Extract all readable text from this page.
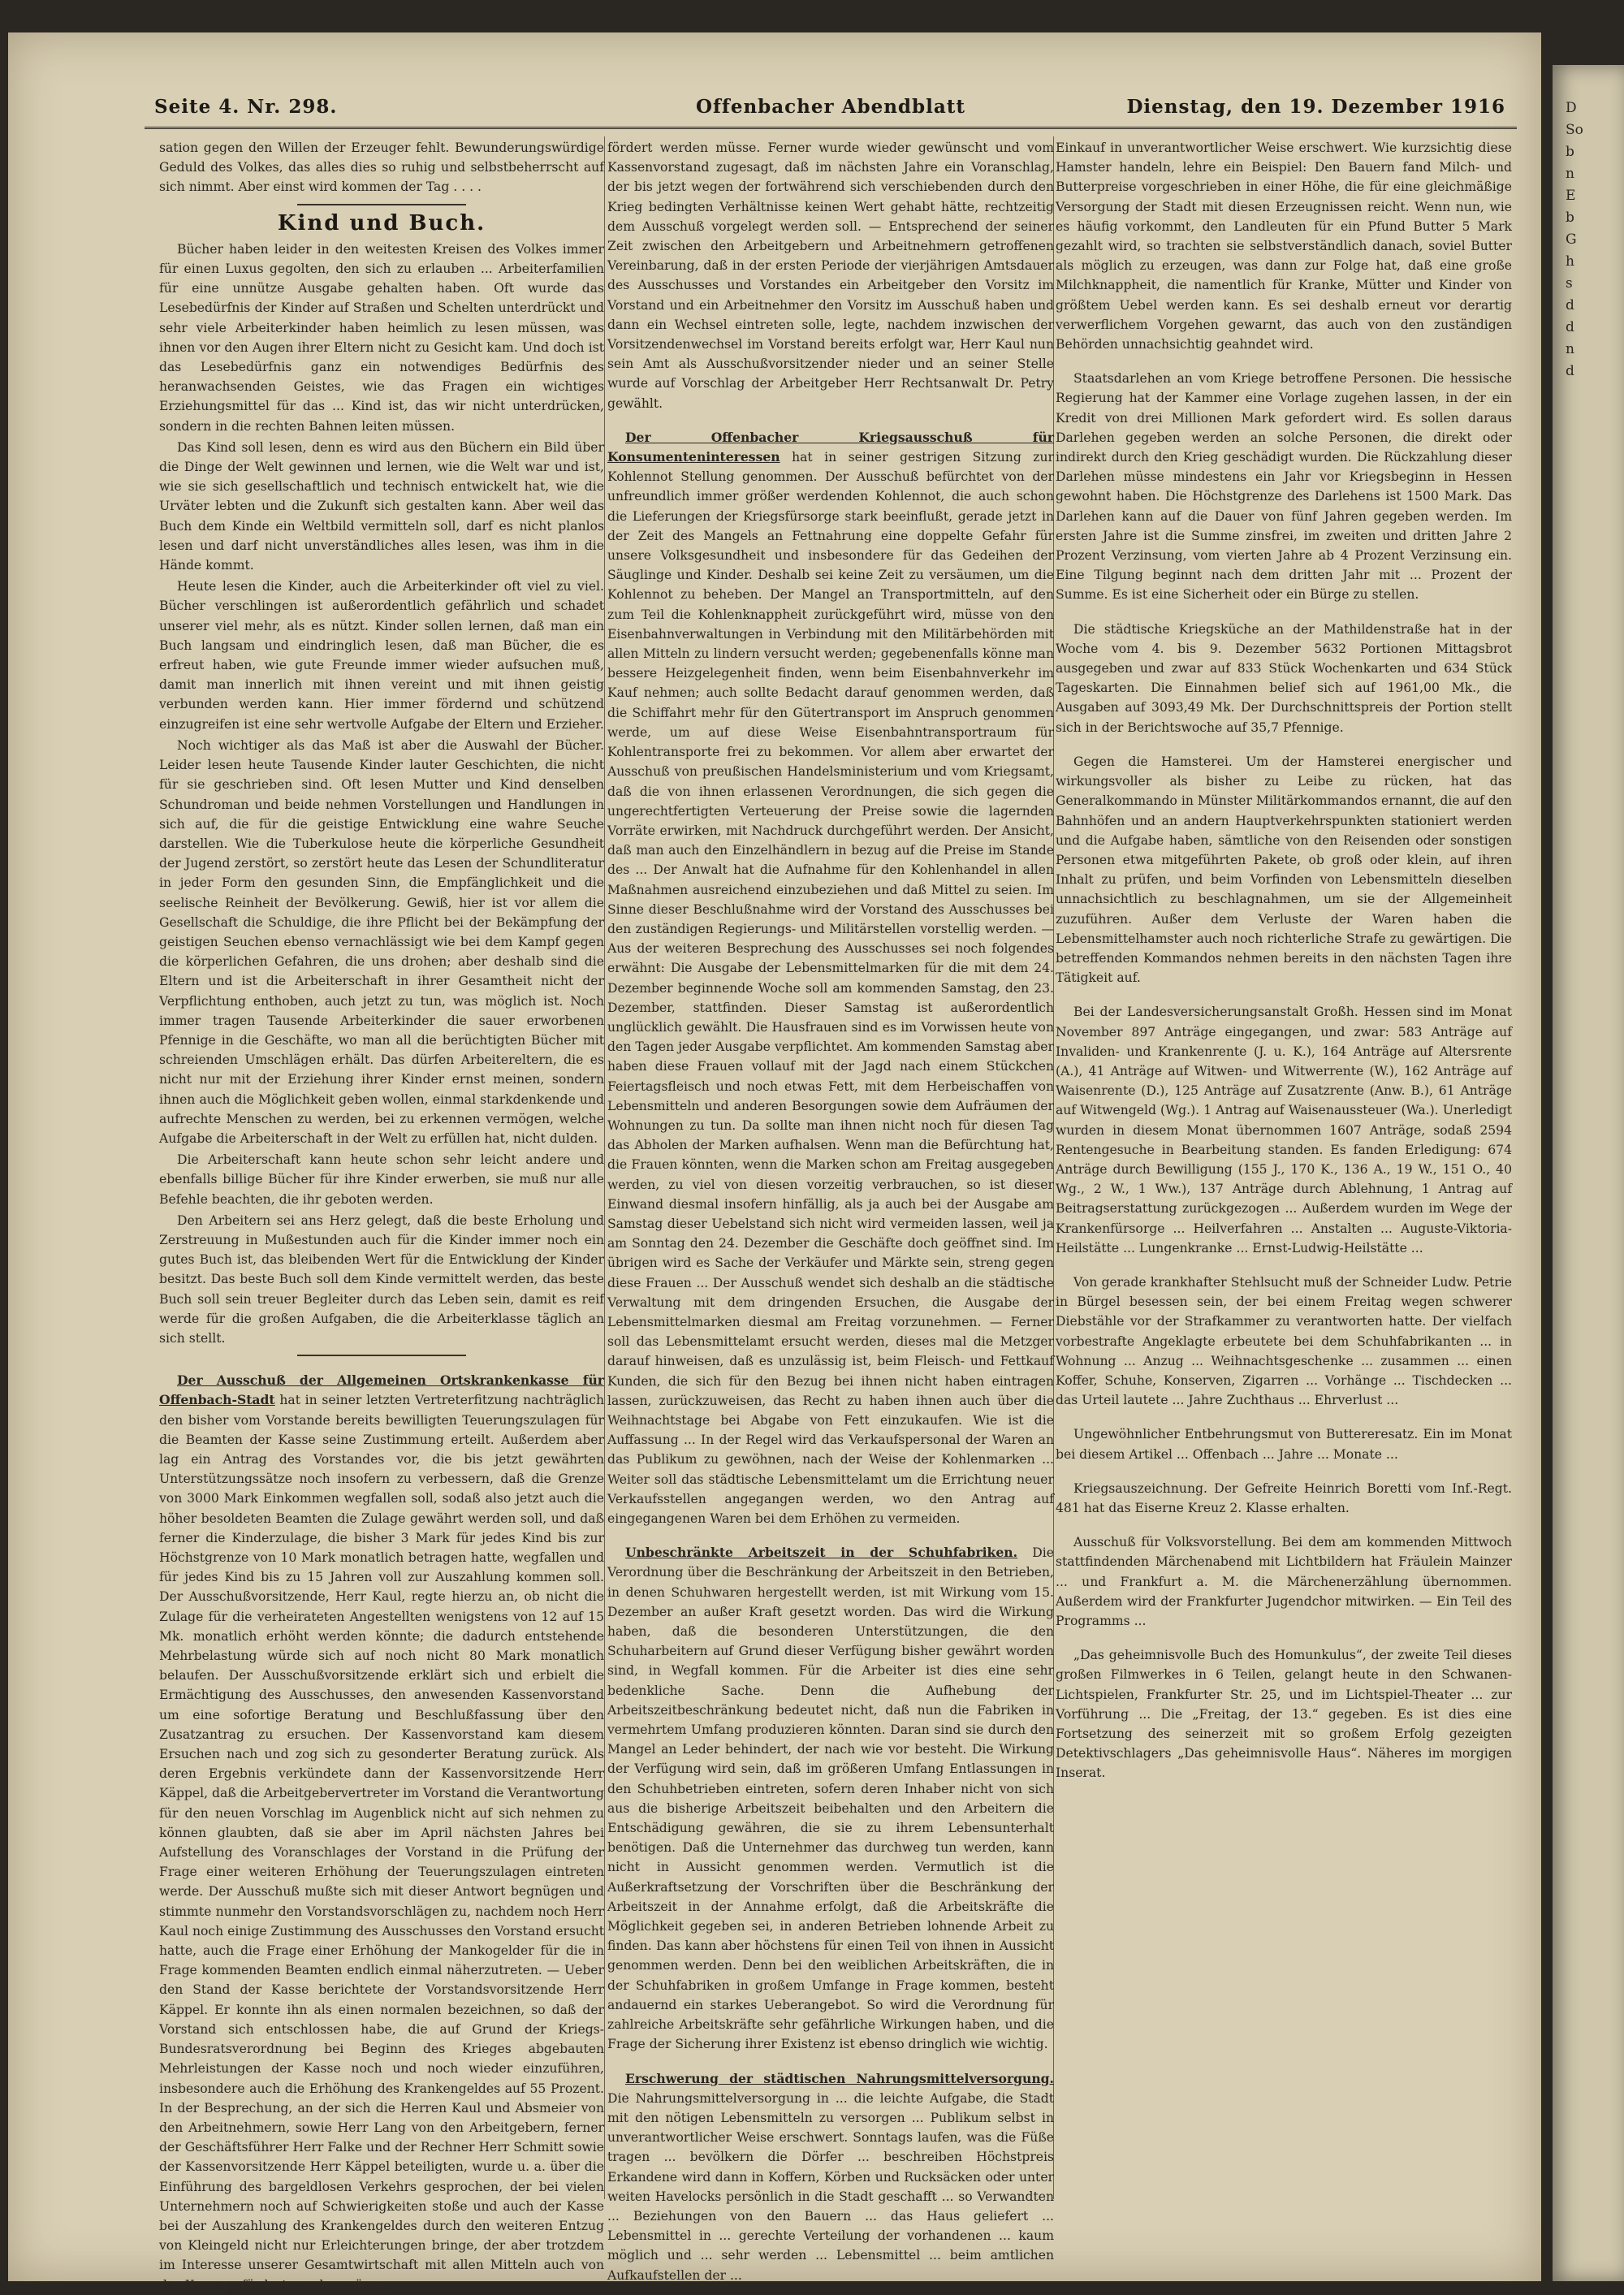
D
So
b
n
E
b
G
h
s
d
d
n
d
Seite 4. Nr. 298.	Offenbacher Abendblatt	Dienstag, den 19. Dezember 1916

sation gegen den Willen der Erzeuger fehlt. Bewunderungswürdige Geduld des Volkes, das alles dies so ruhig und selbstbeherrscht auf sich nimmt. Aber einst wird kommen der Tag . . . .

Kind und Buch.

Bücher haben leider in den weitesten Kreisen des Volkes immer für einen Luxus gegolten, den sich zu erlauben ... Arbeiterfamilien für eine unnütze Ausgabe gehalten haben. Oft wurde das Lesebedürfnis der Kinder auf Straßen und Schelten unterdrückt und sehr viele Arbeiterkinder haben heimlich zu lesen müssen, was ihnen vor den Augen ihrer Eltern nicht zu Gesicht kam. Und doch ist das Lesebedürfnis ganz ein notwendiges Bedürfnis des heranwachsenden Geistes, wie das Fragen ein wichtiges Erziehungsmittel für das ... Kind ist, das wir nicht unterdrücken, sondern in die rechten Bahnen leiten müssen.

Das Kind soll lesen, denn es wird aus den Büchern ein Bild über die Dinge der Welt gewinnen und lernen, wie die Welt war und ist, wie sie sich gesellschaftlich und technisch entwickelt hat, wie die Urväter lebten und die Zukunft sich gestalten kann. Aber weil das Buch dem Kinde ein Weltbild vermitteln soll, darf es nicht planlos lesen und darf nicht unverständliches alles lesen, was ihm in die Hände kommt.

Heute lesen die Kinder, auch die Arbeiterkinder oft viel zu viel. Bücher verschlingen ist außerordentlich gefährlich und schadet unserer viel mehr, als es nützt. Kinder sollen lernen, daß man ein Buch langsam und eindringlich lesen, daß man Bücher, die es erfreut haben, wie gute Freunde immer wieder aufsuchen muß, damit man innerlich mit ihnen vereint und mit ihnen geistig verbunden werden kann. Hier immer fördernd und schützend einzugreifen ist eine sehr wertvolle Aufgabe der Eltern und Erzieher.

Noch wichtiger als das Maß ist aber die Auswahl der Bücher. Leider lesen heute Tausende Kinder lauter Geschichten, die nicht für sie geschrieben sind. Oft lesen Mutter und Kind denselben Schundroman und beide nehmen Vorstellungen und Handlungen in sich auf, die für die geistige Entwicklung eine wahre Seuche darstellen. Wie die Tuberkulose heute die körperliche Gesundheit der Jugend zerstört, so zerstört heute das Lesen der Schundliteratur in jeder Form den gesunden Sinn, die Empfänglichkeit und die seelische Reinheit der Bevölkerung. Gewiß, hier ist vor allem die Gesellschaft die Schuldige, die ihre Pflicht bei der Bekämpfung der geistigen Seuchen ebenso vernachlässigt wie bei dem Kampf gegen die körperlichen Gefahren, die uns drohen; aber deshalb sind die Eltern und ist die Arbeiterschaft in ihrer Gesamtheit nicht der Verpflichtung enthoben, auch jetzt zu tun, was möglich ist. Noch immer tragen Tausende Arbeiterkinder die sauer erworbenen Pfennige in die Geschäfte, wo man all die berüchtigten Bücher mit schreienden Umschlägen erhält. Das dürfen Arbeitereltern, die es nicht nur mit der Erziehung ihrer Kinder ernst meinen, sondern ihnen auch die Möglichkeit geben wollen, einmal starkdenkende und aufrechte Menschen zu werden, bei zu erkennen vermögen, welche Aufgabe die Arbeiterschaft in der Welt zu erfüllen hat, nicht dulden.

Die Arbeiterschaft kann heute schon sehr leicht andere und ebenfalls billige Bücher für ihre Kinder erwerben, sie muß nur alle Befehle beachten, die ihr geboten werden.

Den Arbeitern sei ans Herz gelegt, daß die beste Erholung und Zerstreuung in Mußestunden auch für die Kinder immer noch ein gutes Buch ist, das bleibenden Wert für die Entwicklung der Kinder besitzt. Das beste Buch soll dem Kinde vermittelt werden, das beste Buch soll sein treuer Begleiter durch das Leben sein, damit es reif werde für die großen Aufgaben, die die Arbeiterklasse täglich an sich stellt.

Der Ausschuß der Allgemeinen Ortskrankenkasse für Offenbach-Stadt hat in seiner letzten Vertreterfitzung nachträglich den bisher vom Vorstande bereits bewilligten Teuerungszulagen für die Beamten der Kasse seine Zustimmung erteilt. Außerdem aber lag ein Antrag des Vorstandes vor, die bis jetzt gewährten Unterstützungssätze noch insofern zu verbessern, daß die Grenze von 3000 Mark Einkommen wegfallen soll, sodaß also jetzt auch die höher besoldeten Beamten die Zulage gewährt werden soll, und daß ferner die Kinderzulage, die bisher 3 Mark für jedes Kind bis zur Höchstgrenze von 10 Mark monatlich betragen hatte, wegfallen und für jedes Kind bis zu 15 Jahren voll zur Auszahlung kommen soll. Der Ausschußvorsitzende, Herr Kaul, regte hierzu an, ob nicht die Zulage für die verheirateten Angestellten wenigstens von 12 auf 15 Mk. monatlich erhöht werden könnte; die dadurch entstehende Mehrbelastung würde sich auf noch nicht 80 Mark monatlich belaufen. Der Ausschußvorsitzende erklärt sich und erbielt die Ermächtigung des Ausschusses, den anwesenden Kassenvorstand um eine sofortige Beratung und Beschlußfassung über den Zusatzantrag zu ersuchen. Der Kassenvorstand kam diesem Ersuchen nach und zog sich zu gesonderter Beratung zurück. Als deren Ergebnis verkündete dann der Kassenvorsitzende Herr Käppel, daß die Arbeitgebervertreter im Vorstand die Verantwortung für den neuen Vorschlag im Augenblick nicht auf sich nehmen zu können glaubten, daß sie aber im April nächsten Jahres bei Aufstellung des Voranschlages der Vorstand in die Prüfung der Frage einer weiteren Erhöhung der Teuerungszulagen eintreten werde. Der Ausschuß mußte sich mit dieser Antwort begnügen und stimmte nunmehr den Vorstandsvorschlägen zu, nachdem noch Herr Kaul noch einige Zustimmung des Ausschusses den Vorstand ersucht hatte, auch die Frage einer Erhöhung der Mankogelder für die in Frage kommenden Beamten endlich einmal näherzutreten. — Ueber den Stand der Kasse berichtete der Vorstandsvorsitzende Herr Käppel. Er konnte ihn als einen normalen bezeichnen, so daß der Vorstand sich entschlossen habe, die auf Grund der Kriegs-Bundesratsverordnung bei Beginn des Krieges abgebauten Mehrleistungen der Kasse noch und noch wieder einzuführen, insbesondere auch die Erhöhung des Krankengeldes auf 55 Prozent. In der Besprechung, an der sich die Herren Kaul und Absmeier von den Arbeitnehmern, sowie Herr Lang von den Arbeitgebern, ferner der Geschäftsführer Herr Falke und der Rechner Herr Schmitt sowie der Kassenvorsitzende Herr Käppel beteiligten, wurde u. a. über die Einführung des bargeldlosen Verkehrs gesprochen, der bei vielen Unternehmern noch auf Schwierigkeiten stoße und auch der Kasse bei der Auszahlung des Krankengeldes durch den weiteren Entzug von Kleingeld nicht nur Erleichterungen bringe, der aber trotzdem im Interesse unserer Gesamtwirtschaft mit allen Mitteln auch von der Kasse gefördert werden müsse.

fördert werden müsse. Ferner wurde wieder gewünscht und vom Kassenvorstand zugesagt, daß im nächsten Jahre ein Voranschlag, der bis jetzt wegen der fortwährend sich verschiebenden durch den Krieg bedingten Verhältnisse keinen Wert gehabt hätte, rechtzeitig dem Ausschuß vorgelegt werden soll. — Entsprechend der seiner Zeit zwischen den Arbeitgebern und Arbeitnehmern getroffenen Vereinbarung, daß in der ersten Periode der vierjährigen Amtsdauer des Ausschusses und Vorstandes ein Arbeitgeber den Vorsitz im Vorstand und ein Arbeitnehmer den Vorsitz im Ausschuß haben und dann ein Wechsel eintreten solle, legte, nachdem inzwischen der Vorsitzendenwechsel im Vorstand bereits erfolgt war, Herr Kaul nun sein Amt als Ausschußvorsitzender nieder und an seiner Stelle wurde auf Vorschlag der Arbeitgeber Herr Rechtsanwalt Dr. Petry gewählt.

Der Offenbacher Kriegsausschuß für Konsumenteninteressen hat in seiner gestrigen Sitzung zur Kohlennot Stellung genommen. Der Ausschuß befürchtet von der unfreundlich immer größer werdenden Kohlennot, die auch schon die Lieferungen der Kriegsfürsorge stark beeinflußt, gerade jetzt in der Zeit des Mangels an Fettnahrung eine doppelte Gefahr für unsere Volksgesundheit und insbesondere für das Gedeihen der Säuglinge und Kinder. Deshalb sei keine Zeit zu versäumen, um die Kohlennot zu beheben. Der Mangel an Transportmitteln, auf den zum Teil die Kohlenknappheit zurückgeführt wird, müsse von den Eisenbahnverwaltungen in Verbindung mit den Militärbehörden mit allen Mitteln zu lindern versucht werden; gegebenenfalls könne man bessere Heizgelegenheit finden, wenn beim Eisenbahnverkehr im Kauf nehmen; auch sollte Bedacht darauf genommen werden, daß die Schiffahrt mehr für den Gütertransport im Anspruch genommen werde, um auf diese Weise Eisenbahntransportraum für Kohlentransporte frei zu bekommen. Vor allem aber erwartet der Ausschuß von preußischen Handelsministerium und vom Kriegsamt, daß die von ihnen erlassenen Verordnungen, die sich gegen die ungerechtfertigten Verteuerung der Preise sowie die lagernden Vorräte erwirken, mit Nachdruck durchgeführt werden. Der Ansicht, daß man auch den Einzelhändlern in bezug auf die Preise im Stande des ... Der Anwalt hat die Aufnahme für den Kohlenhandel in allen Maßnahmen ausreichend einzubeziehen und daß Mittel zu seien. Im Sinne dieser Beschlußnahme wird der Vorstand des Ausschusses bei den zuständigen Regierungs- und Militärstellen vorstellig werden. — Aus der weiteren Besprechung des Ausschusses sei noch folgendes erwähnt: Die Ausgabe der Lebensmittelmarken für die mit dem 24. Dezember beginnende Woche soll am kommenden Samstag, den 23. Dezember, stattfinden. Dieser Samstag ist außerordentlich unglücklich gewählt. Die Hausfrauen sind es im Vorwissen heute von den Tagen jeder Ausgabe verpflichtet. Am kommenden Samstag aber haben diese Frauen vollauf mit der Jagd nach einem Stückchen Feiertagsfleisch und noch etwas Fett, mit dem Herbeischaffen von Lebensmitteln und anderen Besorgungen sowie dem Aufräumen der Wohnungen zu tun. Da sollte man ihnen nicht noch für diesen Tag das Abholen der Marken aufhalsen. Wenn man die Befürchtung hat, die Frauen könnten, wenn die Marken schon am Freitag ausgegeben werden, zu viel von diesen vorzeitig verbrauchen, so ist dieser Einwand diesmal insofern hinfällig, als ja auch bei der Ausgabe am Samstag dieser Uebelstand sich nicht wird vermeiden lassen, weil ja am Sonntag den 24. Dezember die Geschäfte doch geöffnet sind. Im übrigen wird es Sache der Verkäufer und Märkte sein, streng gegen diese Frauen ... Der Ausschuß wendet sich deshalb an die städtische Verwaltung mit dem dringenden Ersuchen, die Ausgabe der Lebensmittelmarken diesmal am Freitag vorzunehmen. — Ferner soll das Lebensmittelamt ersucht werden, dieses mal die Metzger darauf hinweisen, daß es unzulässig ist, beim Fleisch- und Fettkauf Kunden, die sich für den Bezug bei ihnen nicht haben eintragen lassen, zurückzuweisen, das Recht zu haben ihnen auch über die Weihnachtstage bei Abgabe von Fett einzukaufen. Wie ist die Auffassung ... In der Regel wird das Verkaufspersonal der Waren an das Publikum zu gewöhnen, nach der Weise der Kohlenmarken ... Weiter soll das städtische Lebensmittelamt um die Errichtung neuer Verkaufsstellen angegangen werden, wo den Antrag auf eingegangenen Waren bei dem Erhöhen zu vermeiden.

Unbeschränkte Arbeitszeit in der Schuhfabriken. Die Verordnung über die Beschränkung der Arbeitszeit in den Betrieben, in denen Schuhwaren hergestellt werden, ist mit Wirkung vom 15. Dezember an außer Kraft gesetzt worden. Das wird die Wirkung haben, daß die besonderen Unterstützungen, die den Schuharbeitern auf Grund dieser Verfügung bisher gewährt worden sind, in Wegfall kommen. Für die Arbeiter ist dies eine sehr bedenkliche Sache. Denn die Aufhebung der Arbeitszeitbeschränkung bedeutet nicht, daß nun die Fabriken in vermehrtem Umfang produzieren könnten. Daran sind sie durch den Mangel an Leder behindert, der nach wie vor besteht. Die Wirkung der Verfügung wird sein, daß im größeren Umfang Entlassungen in den Schuhbetrieben eintreten, sofern deren Inhaber nicht von sich aus die bisherige Arbeitszeit beibehalten und den Arbeitern die Entschädigung gewähren, die sie zu ihrem Lebensunterhalt benötigen. Daß die Unternehmer das durchweg tun werden, kann nicht in Aussicht genommen werden. Vermutlich ist die Außerkraftsetzung der Vorschriften über die Beschränkung der Arbeitszeit in der Annahme erfolgt, daß die Arbeitskräfte die Möglichkeit gegeben sei, in anderen Betrieben lohnende Arbeit zu finden. Das kann aber höchstens für einen Teil von ihnen in Aussicht genommen werden. Denn bei den weiblichen Arbeitskräften, die in der Schuhfabriken in großem Umfange in Frage kommen, besteht andauernd ein starkes Ueberangebot. So wird die Verordnung für zahlreiche Arbeitskräfte sehr gefährliche Wirkungen haben, und die Frage der Sicherung ihrer Existenz ist ebenso dringlich wie wichtig.

Erschwerung der städtischen Nahrungsmittelversorgung. Die Nahrungsmittelversorgung in ... die leichte Aufgabe, die Stadt mit den nötigen Lebensmitteln zu versorgen ... Publikum selbst in unverantwortlicher Weise erschwert. Sonntags laufen, was die Füße tragen ... bevölkern die Dörfer ... beschreiben Höchstpreis Erkandene wird dann in Koffern, Körben und Rucksäcken oder unter weiten Havelocks persönlich in die Stadt geschafft ... so Verwandten ... Beziehungen von den Bauern ... das Haus geliefert ... Lebensmittel in ... gerechte Verteilung der vorhandenen ... kaum möglich und ... sehr werden ... Lebensmittel ... beim amtlichen Aufkaufstellen der ...

Einkauf in unverantwortlicher Weise erschwert. Wie kurzsichtig diese Hamster handeln, lehre ein Beispiel: Den Bauern fand Milch- und Butterpreise vorgeschrieben in einer Höhe, die für eine gleichmäßige Versorgung der Stadt mit diesen Erzeugnissen reicht. Wenn nun, wie es häufig vorkommt, den Landleuten für ein Pfund Butter 5 Mark gezahlt wird, so trachten sie selbstverständlich danach, soviel Butter als möglich zu erzeugen, was dann zur Folge hat, daß eine große Milchknappheit, die namentlich für Kranke, Mütter und Kinder von größtem Uebel werden kann. Es sei deshalb erneut vor derartig verwerflichem Vorgehen gewarnt, das auch von den zuständigen Behörden unnachsichtig geahndet wird.

Staatsdarlehen an vom Kriege betroffene Personen. Die hessische Regierung hat der Kammer eine Vorlage zugehen lassen, in der ein Kredit von drei Millionen Mark gefordert wird. Es sollen daraus Darlehen gegeben werden an solche Personen, die direkt oder indirekt durch den Krieg geschädigt wurden. Die Rückzahlung dieser Darlehen müsse mindestens ein Jahr vor Kriegsbeginn in Hessen gewohnt haben. Die Höchstgrenze des Darlehens ist 1500 Mark. Das Darlehen kann auf die Dauer von fünf Jahren gegeben werden. Im ersten Jahre ist die Summe zinsfrei, im zweiten und dritten Jahre 2 Prozent Verzinsung, vom vierten Jahre ab 4 Prozent Verzinsung ein. Eine Tilgung beginnt nach dem dritten Jahr mit ... Prozent der Summe. Es ist eine Sicherheit oder ein Bürge zu stellen.

Die städtische Kriegsküche an der Mathildenstraße hat in der Woche vom 4. bis 9. Dezember 5632 Portionen Mittagsbrot ausgegeben und zwar auf 833 Stück Wochenkarten und 634 Stück Tageskarten. Die Einnahmen belief sich auf 1961,00 Mk., die Ausgaben auf 3093,49 Mk. Der Durchschnittspreis der Portion stellt sich in der Berichtswoche auf 35,7 Pfennige.

Gegen die Hamsterei. Um der Hamsterei energischer und wirkungsvoller als bisher zu Leibe zu rücken, hat das Generalkommando in Münster Militärkommandos ernannt, die auf den Bahnhöfen und an andern Hauptverkehrspunkten stationiert werden und die Aufgabe haben, sämtliche von den Reisenden oder sonstigen Personen etwa mitgeführten Pakete, ob groß oder klein, auf ihren Inhalt zu prüfen, und beim Vorfinden von Lebensmitteln dieselben unnachsichtlich zu beschlagnahmen, um sie der Allgemeinheit zuzuführen. Außer dem Verluste der Waren haben die Lebensmittelhamster auch noch richterliche Strafe zu gewärtigen. Die betreffenden Kommandos nehmen bereits in den nächsten Tagen ihre Tätigkeit auf.

Bei der Landesversicherungsanstalt Großh. Hessen sind im Monat November 897 Anträge eingegangen, und zwar: 583 Anträge auf Invaliden- und Krankenrente (J. u. K.), 164 Anträge auf Altersrente (A.), 41 Anträge auf Witwen- und Witwerrente (W.), 162 Anträge auf Waisenrente (D.), 125 Anträge auf Zusatzrente (Anw. B.), 61 Anträge auf Witwengeld (Wg.). 1 Antrag auf Waisenaussteuer (Wa.). Unerledigt wurden in diesem Monat übernommen 1607 Anträge, sodaß 2594 Rentengesuche in Bearbeitung standen. Es fanden Erledigung: 674 Anträge durch Bewilligung (155 J., 170 K., 136 A., 19 W., 151 O., 40 Wg., 2 W., 1 Ww.), 137 Anträge durch Ablehnung, 1 Antrag auf Beitragserstattung zurückgezogen ... Außerdem wurden im Wege der Krankenfürsorge ... Heilverfahren ... Anstalten ... Auguste-Viktoria-Heilstätte ... Lungenkranke ... Ernst-Ludwig-Heilstätte ...

Von gerade krankhafter Stehlsucht muß der Schneider Ludw. Petrie in Bürgel besessen sein, der bei einem Freitag wegen schwerer Diebstähle vor der Strafkammer zu verantworten hatte. Der vielfach vorbestrafte Angeklagte erbeutete bei dem Schuhfabrikanten ... in Wohnung ... Anzug ... Weihnachtsgeschenke ... zusammen ... einen Koffer, Schuhe, Konserven, Zigarren ... Vorhänge ... Tischdecken ... das Urteil lautete ... Jahre Zuchthaus ... Ehrverlust ...

Ungewöhnlicher Entbehrungsmut von Buttereresatz. Ein im Monat bei diesem Artikel ... Offenbach ... Jahre ... Monate ...

Kriegsauszeichnung. Der Gefreite Heinrich Boretti vom Inf.-Regt. 481 hat das Eiserne Kreuz 2. Klasse erhalten.

Ausschuß für Volksvorstellung. Bei dem am kommenden Mittwoch stattfindenden Märchenabend mit Lichtbildern hat Fräulein Mainzer ... und Frankfurt a. M. die Märchenerzählung übernommen. Außerdem wird der Frankfurter Jugendchor mitwirken. — Ein Teil des Programms ...

„Das geheimnisvolle Buch des Homunkulus“, der zweite Teil dieses großen Filmwerkes in 6 Teilen, gelangt heute in den Schwanen-Lichtspielen, Frankfurter Str. 25, und im Lichtspiel-Theater ... zur Vorführung ... Die „Freitag, der 13.“ gegeben. Es ist dies eine Fortsetzung des seinerzeit mit so großem Erfolg gezeigten Detektivschlagers „Das geheimnisvolle Haus“. Näheres im morgigen Inserat.
